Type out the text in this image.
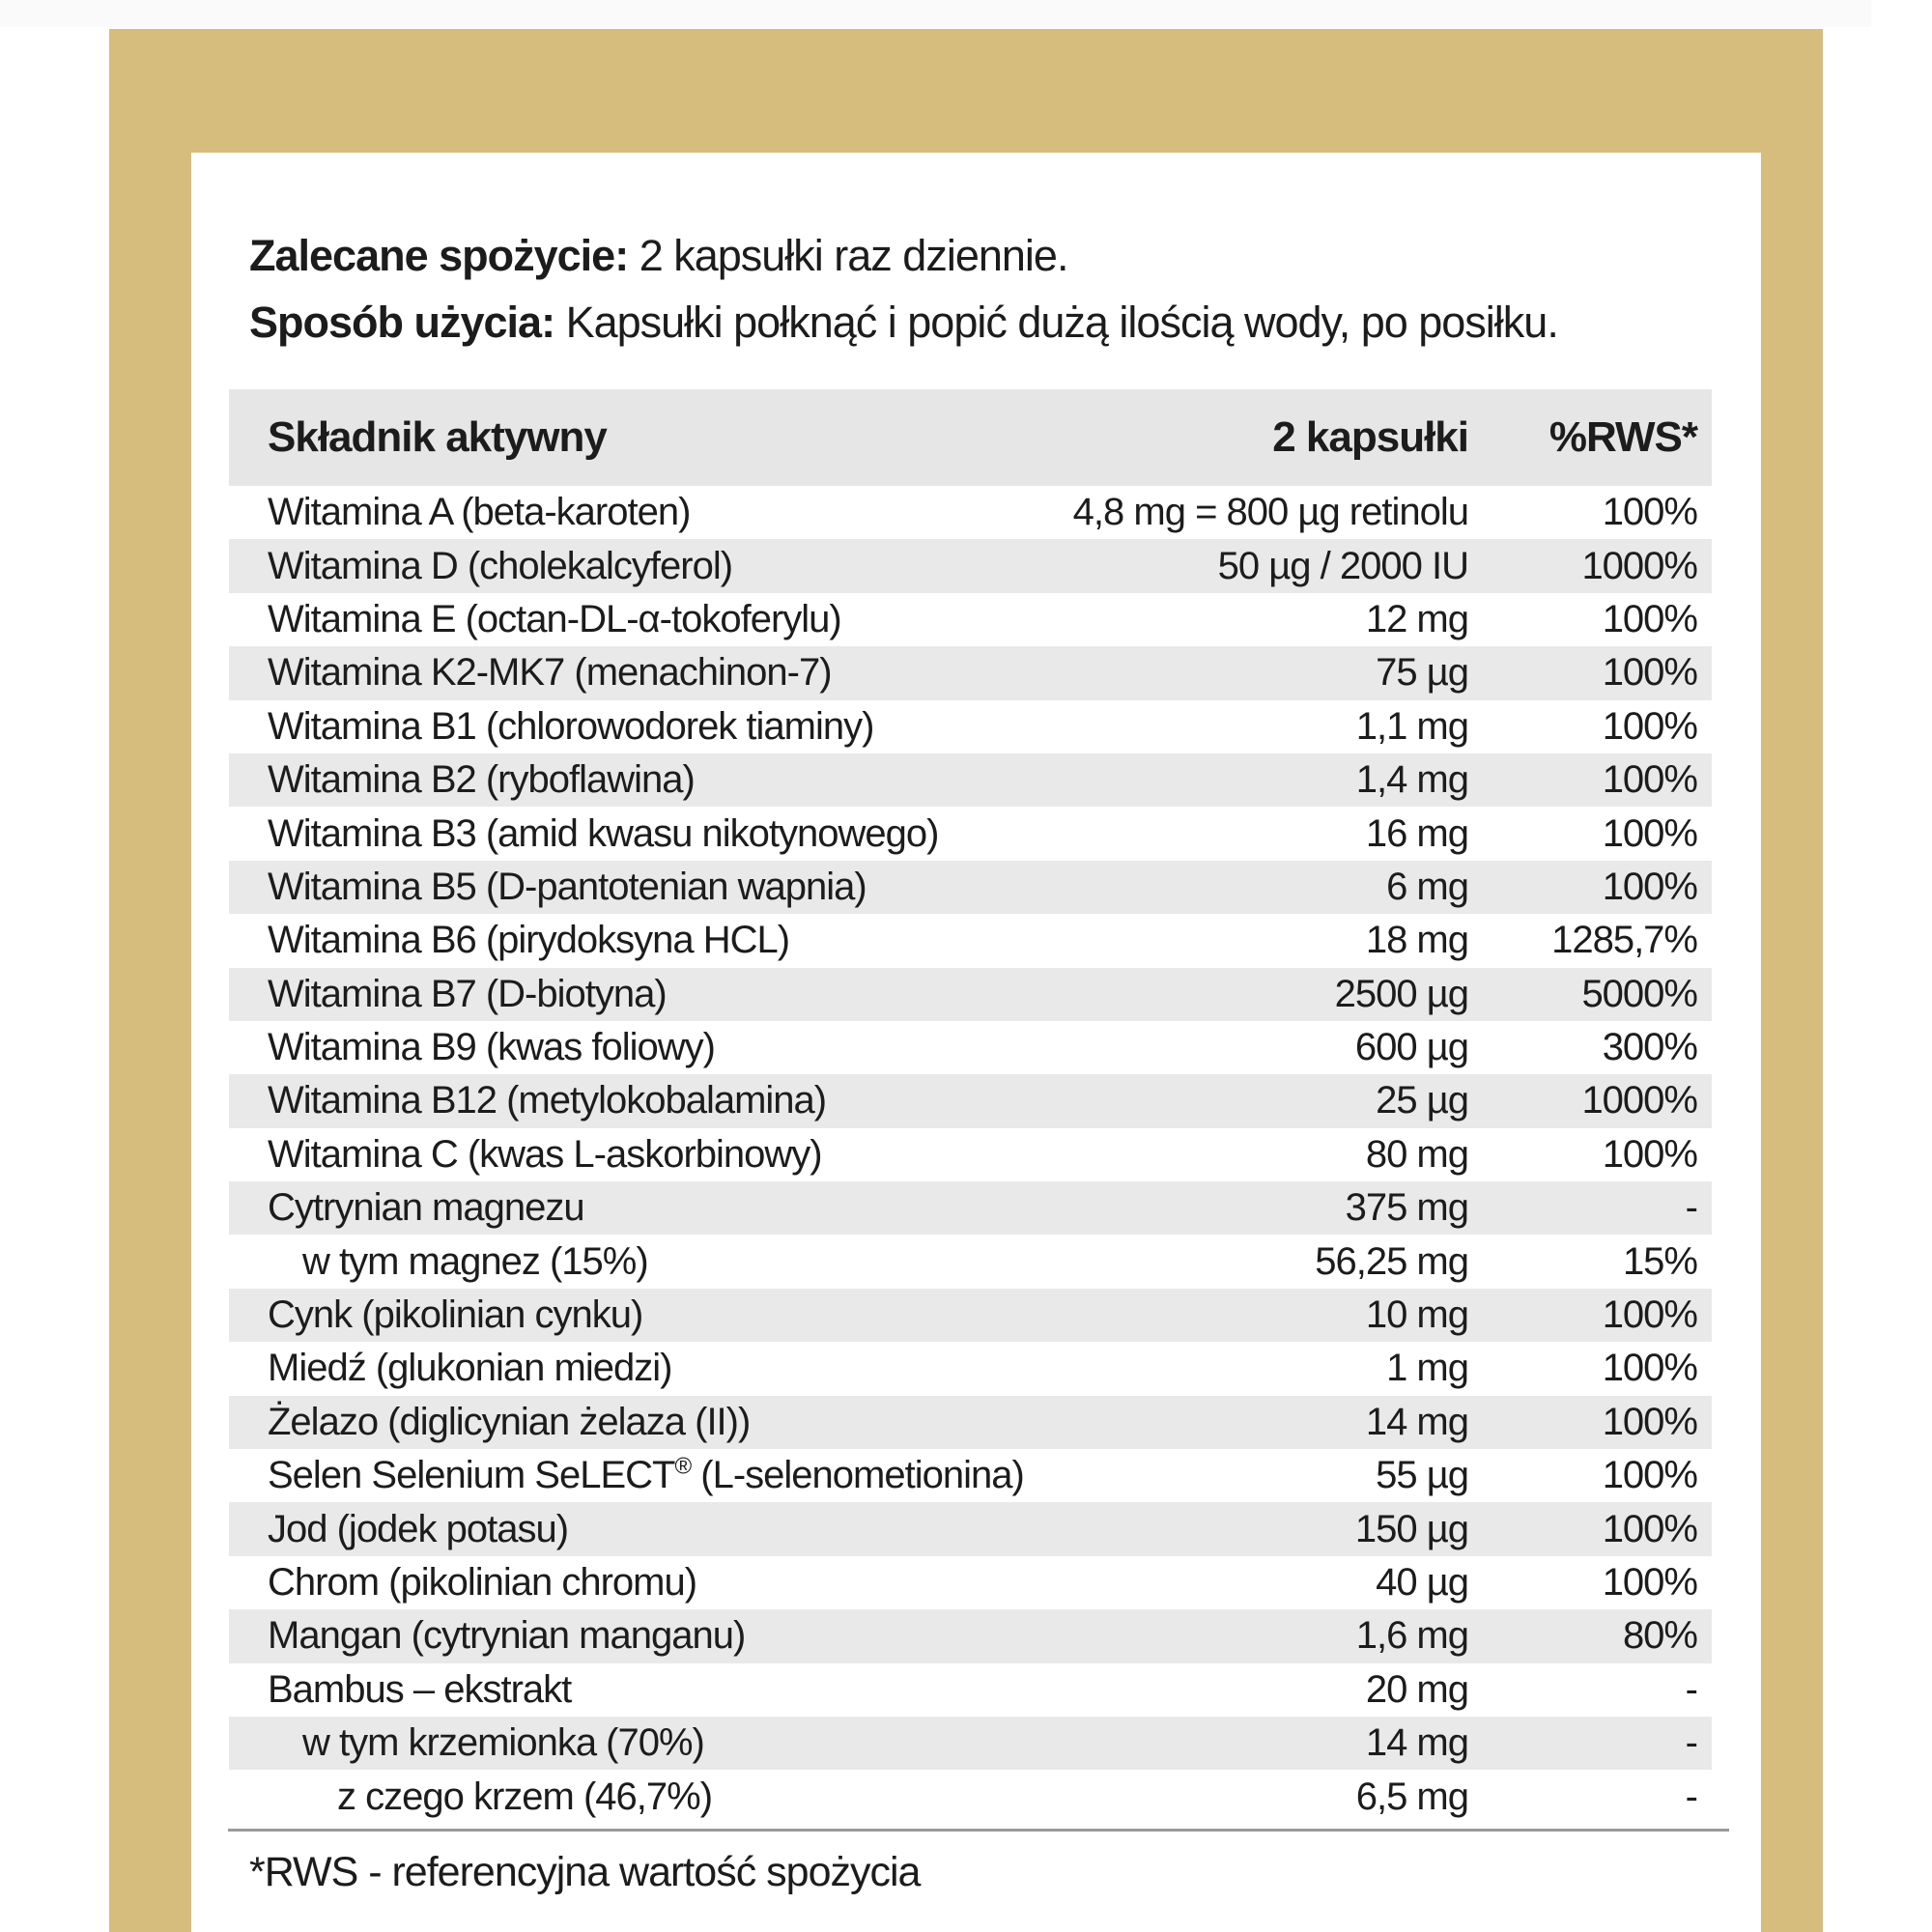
Zalecane spożycie: 2 kapsułki raz dziennie.
Sposób użycia: Kapsułki połknąć i popić dużą ilością wody, po posiłku.
Składnik aktywny	2 kapsułki	%RWS*
Witamina A (beta-karoten)	4,8 mg = 800 µg retinolu	100%
Witamina D (cholekalcyferol)	50 µg / 2000 IU	1000%
Witamina E (octan-DL-α-tokoferylu)	12 mg	100%
Witamina K2-MK7 (menachinon-7)	75 µg	100%
Witamina B1 (chlorowodorek tiaminy)	1,1 mg	100%
Witamina B2 (ryboflawina)	1,4 mg	100%
Witamina B3 (amid kwasu nikotynowego)	16 mg	100%
Witamina B5 (D-pantotenian wapnia)	6 mg	100%
Witamina B6 (pirydoksyna HCL)	18 mg	1285,7%
Witamina B7 (D-biotyna)	2500 µg	5000%
Witamina B9 (kwas foliowy)	600 µg	300%
Witamina B12 (metylokobalamina)	25 µg	1000%
Witamina C (kwas L-askorbinowy)	80 mg	100%
Cytrynian magnezu	375 mg	-
w tym magnez (15%)	56,25 mg	15%
Cynk (pikolinian cynku)	10 mg	100%
Miedź (glukonian miedzi)	1 mg	100%
Żelazo (diglicynian żelaza (II))	14 mg	100%
Selen Selenium SeLECT® (L-selenometionina)	55 µg	100%
Jod (jodek potasu)	150 µg	100%
Chrom (pikolinian chromu)	40 µg	100%
Mangan (cytrynian manganu)	1,6 mg	80%
Bambus – ekstrakt	20 mg	-
w tym krzemionka (70%)	14 mg	-
z czego krzem (46,7%)	6,5 mg	-
*RWS - referencyjna wartość spożycia
